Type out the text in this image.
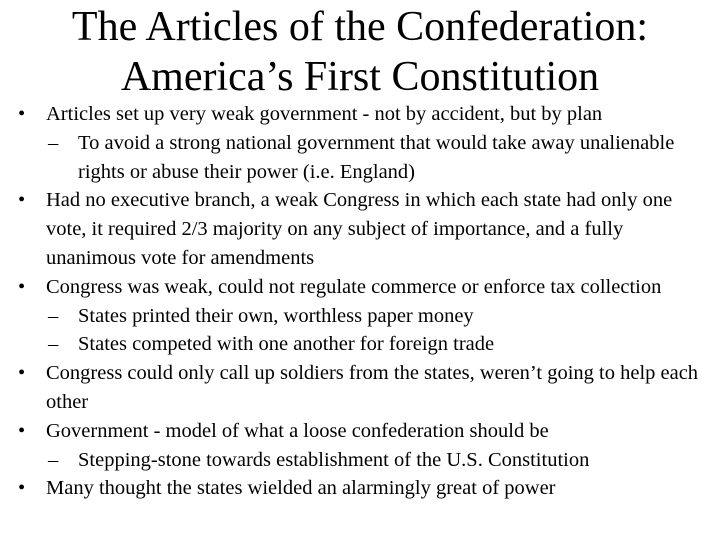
The Articles of the Confederation:
America’s First Constitution
• Articles set up very weak government - not by accident, but by plan
– To avoid a strong national government that would take away unalienable rights or abuse their power (i.e. England)
• Had no executive branch, a weak Congress in which each state had only one vote, it required 2/3 majority on any subject of importance, and a fully unanimous vote for amendments
• Congress was weak, could not regulate commerce or enforce tax collection
– States printed their own, worthless paper money
– States competed with one another for foreign trade
• Congress could only call up soldiers from the states, weren’t going to help each other
• Government - model of what a loose confederation should be
– Stepping-stone towards establishment of the U.S. Constitution
• Many thought the states wielded an alarmingly great of power
